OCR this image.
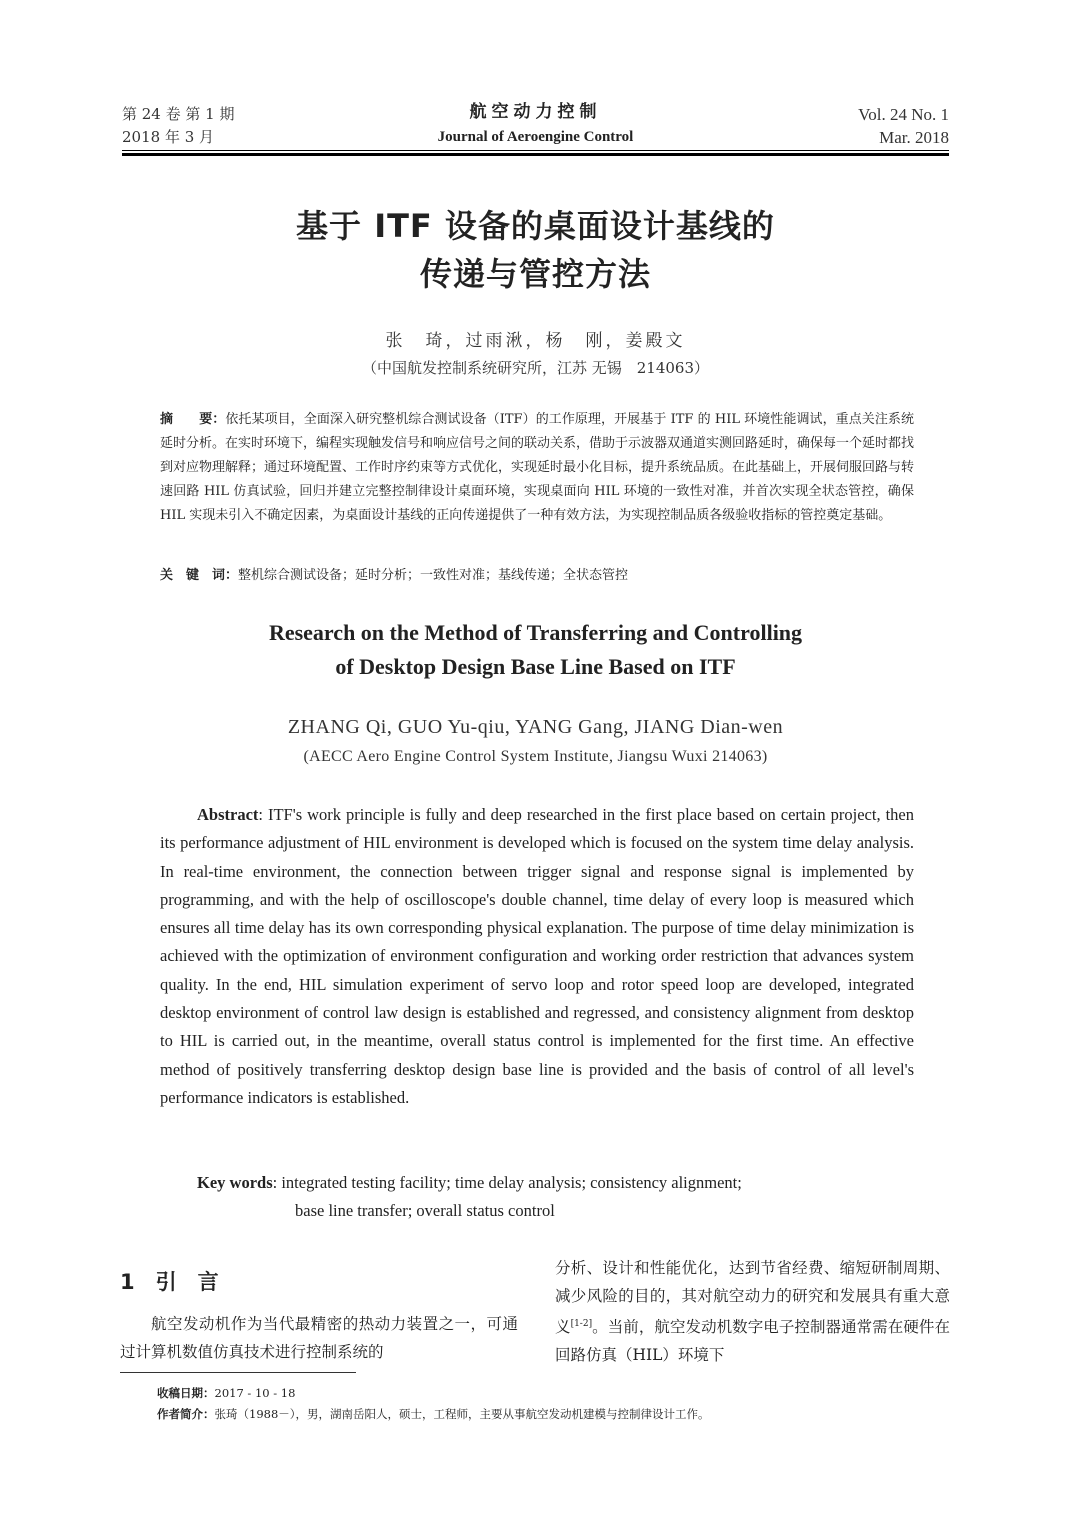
第 24 卷 第 1 期
2018 年 3 月
航空动力控制
Journal of Aeroengine Control
Vol. 24 No. 1
Mar. 2018
基于 ITF 设备的桌面设计基线的
传递与管控方法
张　琦，过雨湫，杨　刚，姜殿文
（中国航发控制系统研究所，江苏 无锡　214063）
摘　　要：依托某项目，全面深入研究整机综合测试设备（ITF）的工作原理，开展基于 ITF 的 HIL 环境性能调试，重点关注系统延时分析。在实时环境下，编程实现触发信号和响应信号之间的联动关系，借助于示波器双通道实测回路延时，确保每一个延时都找到对应物理解释；通过环境配置、工作时序约束等方式优化，实现延时最小化目标，提升系统品质。在此基础上，开展伺服回路与转速回路 HIL 仿真试验，回归并建立完整控制律设计桌面环境，实现桌面向 HIL 环境的一致性对准，并首次实现全状态管控，确保 HIL 实现未引入不确定因素，为桌面设计基线的正向传递提供了一种有效方法，为实现控制品质各级验收指标的管控奠定基础。
关　键　词：整机综合测试设备；延时分析；一致性对准；基线传递；全状态管控
Research on the Method of Transferring and Controlling
of Desktop Design Base Line Based on ITF
ZHANG Qi, GUO Yu-qiu, YANG Gang, JIANG Dian-wen
(AECC Aero Engine Control System Institute, Jiangsu Wuxi 214063)
Abstract: ITF's work principle is fully and deep researched in the first place based on certain project, then its performance adjustment of HIL environment is developed which is focused on the system time delay analysis. In real-time environment, the connection between trigger signal and response signal is implemented by programming, and with the help of oscilloscope's double channel, time delay of every loop is measured which ensures all time delay has its own corresponding physical explanation. The purpose of time delay minimization is achieved with the optimization of environment configuration and working order restriction that advances system quality. In the end, HIL simulation experiment of servo loop and rotor speed loop are developed, integrated desktop environment of control law design is established and regressed, and consistency alignment from desktop to HIL is carried out, in the meantime, overall status control is implemented for the first time. An effective method of positively transferring desktop design base line is provided and the basis of control of all level's performance indicators is established.
Key words: integrated testing facility; time delay analysis; consistency alignment;
base line transfer; overall status control
1　引　言
航空发动机作为当代最精密的热动力装置之一，可通过计算机数值仿真技术进行控制系统的
分析、设计和性能优化，达到节省经费、缩短研制周期、减少风险的目的，其对航空动力的研究和发展具有重大意义[1-2]。当前，航空发动机数字电子控制器通常需在硬件在回路仿真（HIL）环境下
收稿日期：2017 - 10 - 18
作者简介：张琦（1988－），男，湖南岳阳人，硕士，工程师，主要从事航空发动机建模与控制律设计工作。
